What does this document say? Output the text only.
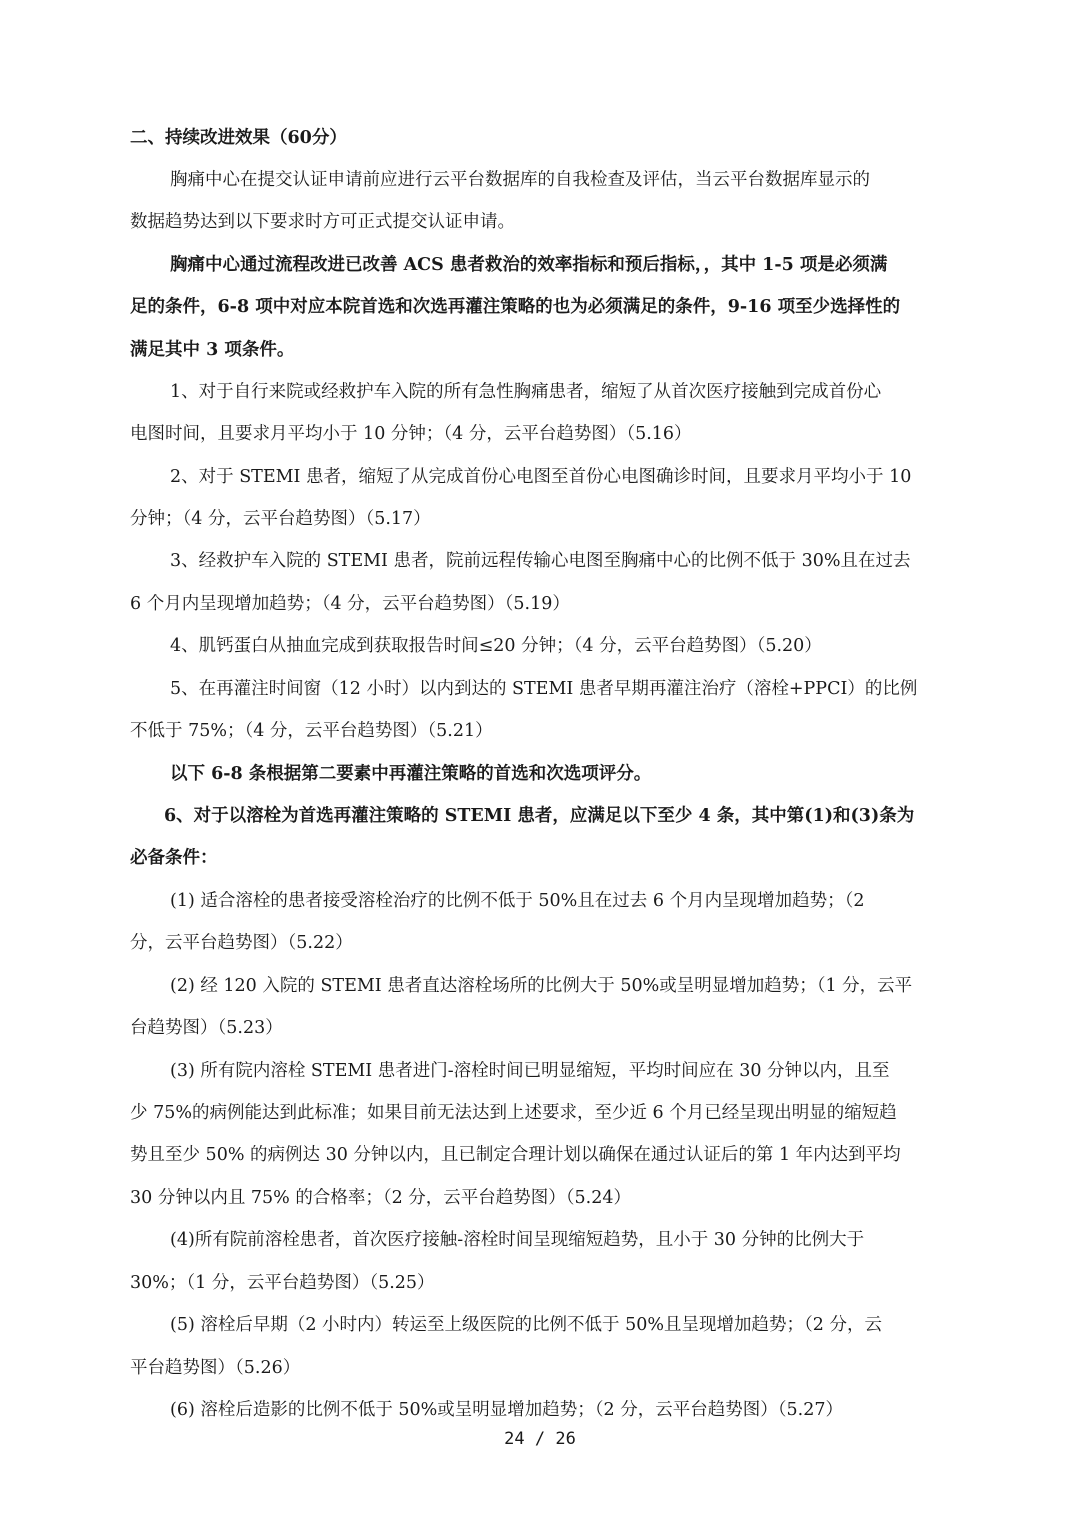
二、持续改进效果（60分）
胸痛中心在提交认证申请前应进行云平台数据库的自我检查及评估，当云平台数据库显示的
数据趋势达到以下要求时方可正式提交认证申请。
胸痛中心通过流程改进已改善 ACS 患者救治的效率指标和预后指标，，其中 1-5 项是必须满
足的条件，6-8 项中对应本院首选和次选再灌注策略的也为必须满足的条件，9-16 项至少选择性的
满足其中 3 项条件。
1、对于自行来院或经救护车入院的所有急性胸痛患者，缩短了从首次医疗接触到完成首份心
电图时间，且要求月平均小于 10 分钟；（4 分，云平台趋势图）（5.16）
2、对于 STEMI 患者，缩短了从完成首份心电图至首份心电图确诊时间，且要求月平均小于 10
分钟；（4 分，云平台趋势图）（5.17）
3、经救护车入院的 STEMI 患者，院前远程传输心电图至胸痛中心的比例不低于 30%且在过去
6 个月内呈现增加趋势；（4 分，云平台趋势图）（5.19）
4、肌钙蛋白从抽血完成到获取报告时间≤20 分钟；（4 分，云平台趋势图）（5.20）
5、在再灌注时间窗（12 小时）以内到达的 STEMI 患者早期再灌注治疗（溶栓+PPCI）的比例
不低于 75%；（4 分，云平台趋势图）（5.21）
以下 6-8 条根据第二要素中再灌注策略的首选和次选项评分。
6、对于以溶栓为首选再灌注策略的 STEMI 患者，应满足以下至少 4 条，其中第(1)和(3)条为
必备条件：
(1) 适合溶栓的患者接受溶栓治疗的比例不低于 50%且在过去 6 个月内呈现增加趋势；（2
分，云平台趋势图）（5.22）
(2) 经 120 入院的 STEMI 患者直达溶栓场所的比例大于 50%或呈明显增加趋势；（1 分，云平
台趋势图）（5.23）
(3) 所有院内溶栓 STEMI 患者进门-溶栓时间已明显缩短，平均时间应在 30 分钟以内，且至
少 75%的病例能达到此标准；如果目前无法达到上述要求，至少近 6 个月已经呈现出明显的缩短趋
势且至少 50% 的病例达 30 分钟以内，且已制定合理计划以确保在通过认证后的第 1 年内达到平均
30 分钟以内且 75% 的合格率；（2 分，云平台趋势图）（5.24）
(4)所有院前溶栓患者，首次医疗接触-溶栓时间呈现缩短趋势，且小于 30 分钟的比例大于
30%；（1 分，云平台趋势图）（5.25）
(5) 溶栓后早期（2 小时内）转运至上级医院的比例不低于 50%且呈现增加趋势；（2 分，云
平台趋势图）（5.26）
(6) 溶栓后造影的比例不低于 50%或呈明显增加趋势；（2 分，云平台趋势图）（5.27）
24 / 26
